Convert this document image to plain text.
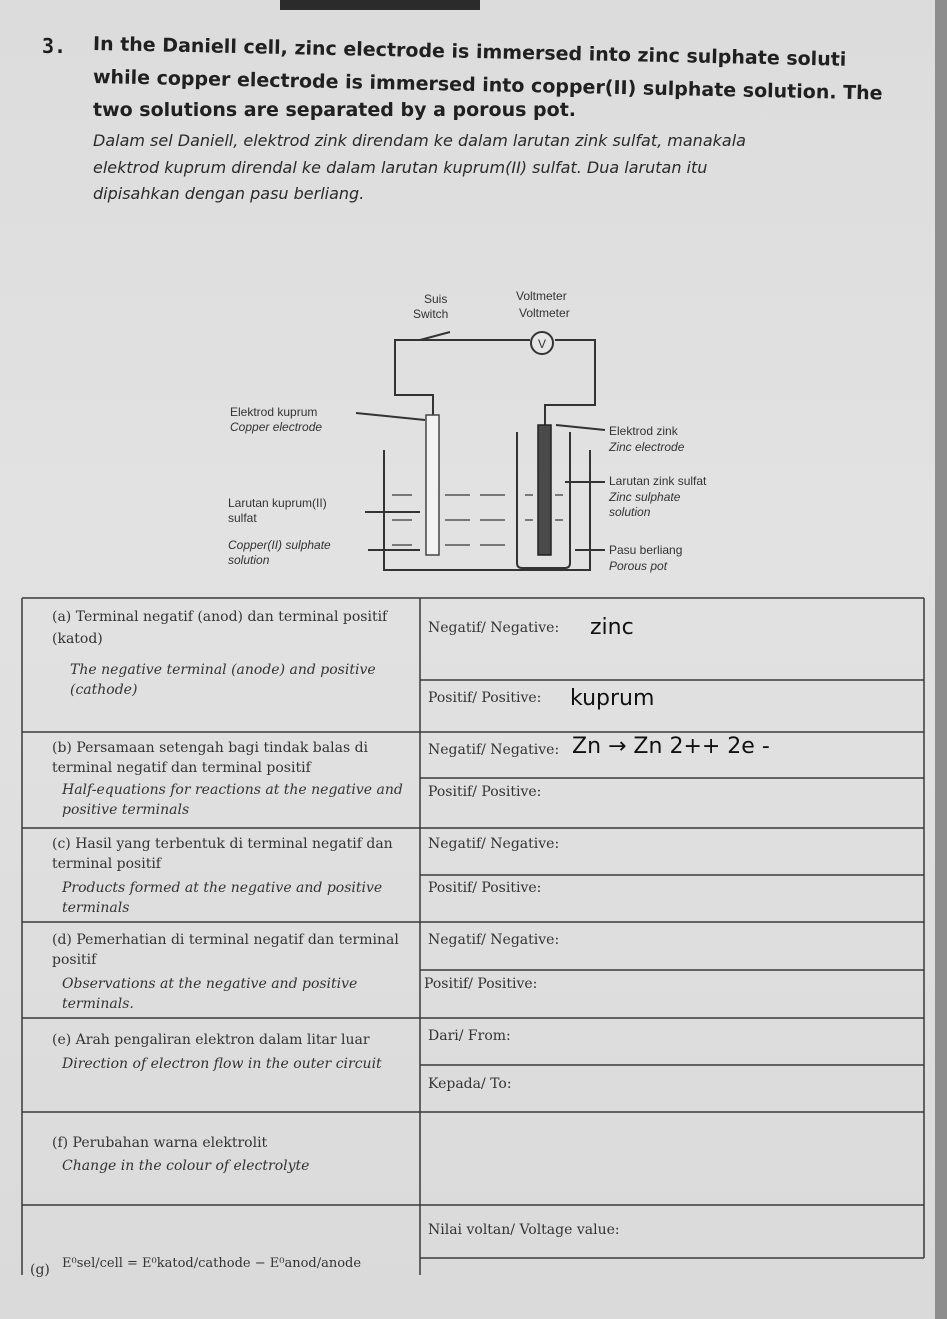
3. In the Daniell cell, zinc electrode is immersed into zinc sulphate soluti
while copper electrode is immersed into copper(II) sulphate solution. The
two solutions are separated by a porous pot.
Dalam sel Daniell, elektrod zink direndam ke dalam larutan zink sulfat, manakala
elektrod kuprum direndal ke dalam larutan kuprum(II) sulfat. Dua larutan itu
dipisahkan dengan pasu berliang.
V
Suis
Switch
Voltmeter
Voltmeter
Elektrod kuprum
Copper electrode	Elektrod zink
Zinc electrode
Larutan zink sulfat
Zinc sulphate
solution
Larutan kuprum(II)
sulfat
Copper(II) sulphate
solution
Pasu berliang
Porous pot
(a) Terminal negatif (anod) dan terminal positif (katod)
The negative terminal (anode) and positive (cathode)
Negatif/ Negative: zinc
Positif/ Positive: kuprum
(b) Persamaan setengah bagi tindak balas di terminal negatif dan terminal positif
Half-equations for reactions at the negative and positive terminals
Negatif/ Negative: Zn → Zn 2++ 2e -
Positif/ Positive:
(c) Hasil yang terbentuk di terminal negatif dan terminal positif
Products formed at the negative and positive terminals
Negatif/ Negative:
Positif/ Positive:
(d) Pemerhatian di terminal negatif dan terminal positif
Observations at the negative and positive terminals.
Negatif/ Negative:
Positif/ Positive:
(e) Arah pengaliran elektron dalam litar luar
Direction of electron flow in the outer circuit
Dari/ From:
Kepada/ To:
(f) Perubahan warna elektrolit
Change in the colour of electrolyte
(g) E⁰sel/cell = E⁰katod/cathode − E⁰anod/anode
Nilai voltan/ Voltage value:
